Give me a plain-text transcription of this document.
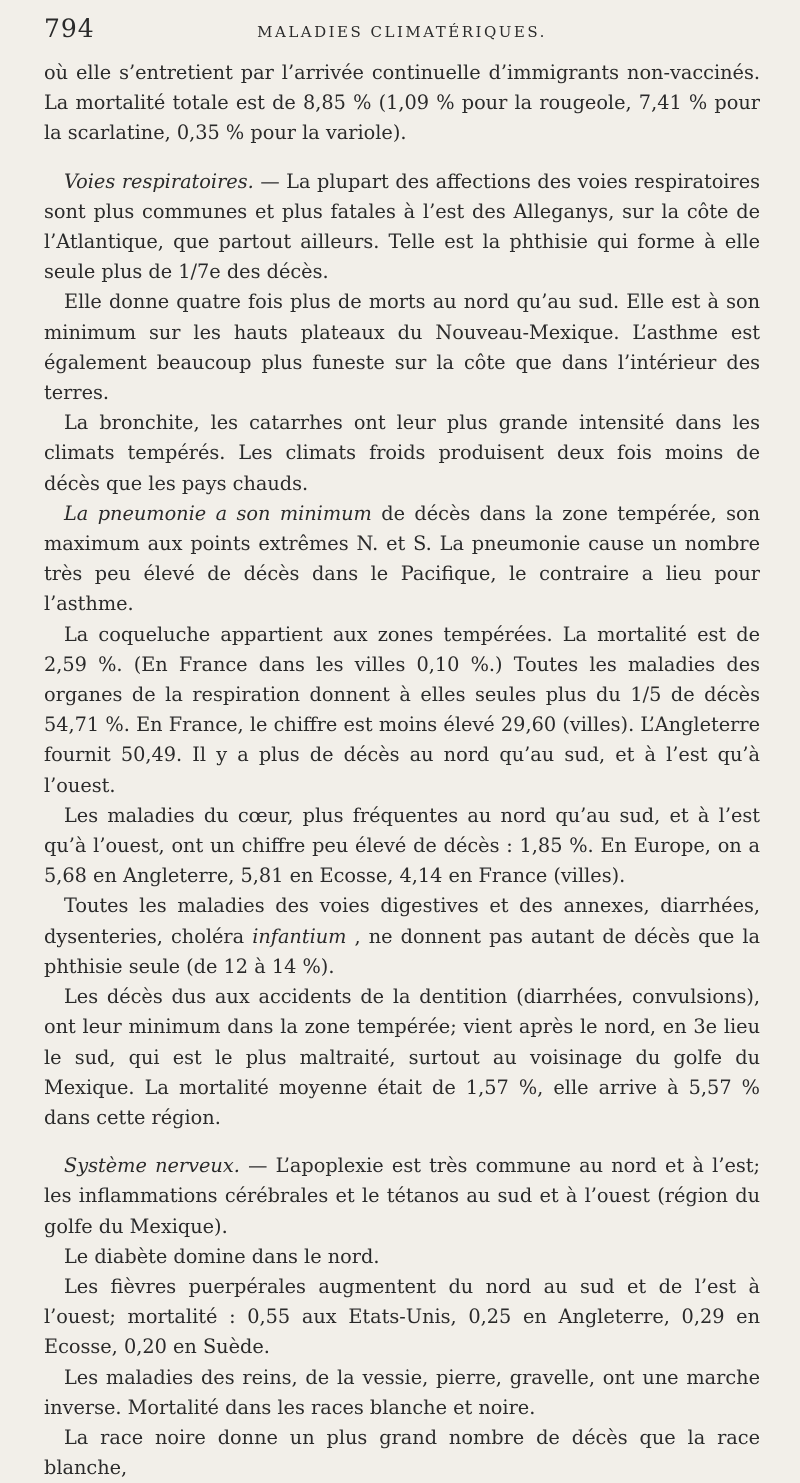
794	MALADIES CLIMATÉRIQUES.

où elle s’entretient par l’arrivée continuelle d’immigrants non-vaccinés. La mortalité totale est de 8,85 % (1,09 % pour la rougeole, 7,41 % pour la scarlatine, 0,35 % pour la variole).

Voies respiratoires. — La plupart des affections des voies respiratoires sont plus communes et plus fatales à l’est des Alleganys, sur la côte de l’Atlantique, que partout ailleurs. Telle est la phthisie qui forme à elle seule plus de 1/7e des décès.

Elle donne quatre fois plus de morts au nord qu’au sud. Elle est à son minimum sur les hauts plateaux du Nouveau-Mexique. L’asthme est également beaucoup plus funeste sur la côte que dans l’intérieur des terres.

La bronchite, les catarrhes ont leur plus grande intensité dans les climats tempérés. Les climats froids produisent deux fois moins de décès que les pays chauds.

La pneumonie a son minimum de décès dans la zone tempérée, son maximum aux points extrêmes N. et S. La pneumonie cause un nombre très peu élevé de décès dans le Pacifique, le contraire a lieu pour l’asthme.

La coqueluche appartient aux zones tempérées. La mortalité est de 2,59 %. (En France dans les villes 0,10 %.) Toutes les maladies des organes de la respiration donnent à elles seules plus du 1/5 de décès 54,71 %. En France, le chiffre est moins élevé 29,60 (villes). L’Angleterre fournit 50,49. Il y a plus de décès au nord qu’au sud, et à l’est qu’à l’ouest.

Les maladies du cœur, plus fréquentes au nord qu’au sud, et à l’est qu’à l’ouest, ont un chiffre peu élevé de décès : 1,85 %. En Europe, on a 5,68 en Angleterre, 5,81 en Ecosse, 4,14 en France (villes).

Toutes les maladies des voies digestives et des annexes, diarrhées, dysenteries, choléra infantium , ne donnent pas autant de décès que la phthisie seule (de 12 à 14 %).

Les décès dus aux accidents de la dentition (diarrhées, convulsions), ont leur minimum dans la zone tempérée; vient après le nord, en 3e lieu le sud, qui est le plus maltraité, surtout au voisinage du golfe du Mexique. La mortalité moyenne était de 1,57 %, elle arrive à 5,57 % dans cette région.

Système nerveux. — L’apoplexie est très commune au nord et à l’est; les inflammations cérébrales et le tétanos au sud et à l’ouest (région du golfe du Mexique).

Le diabète domine dans le nord.

Les fièvres puerpérales augmentent du nord au sud et de l’est à l’ouest; mortalité : 0,55 aux Etats-Unis, 0,25 en Angleterre, 0,29 en Ecosse, 0,20 en Suède.

Les maladies des reins, de la vessie, pierre, gravelle, ont une marche inverse. Mortalité dans les races blanche et noire.

La race noire donne un plus grand nombre de décès que la race blanche,
